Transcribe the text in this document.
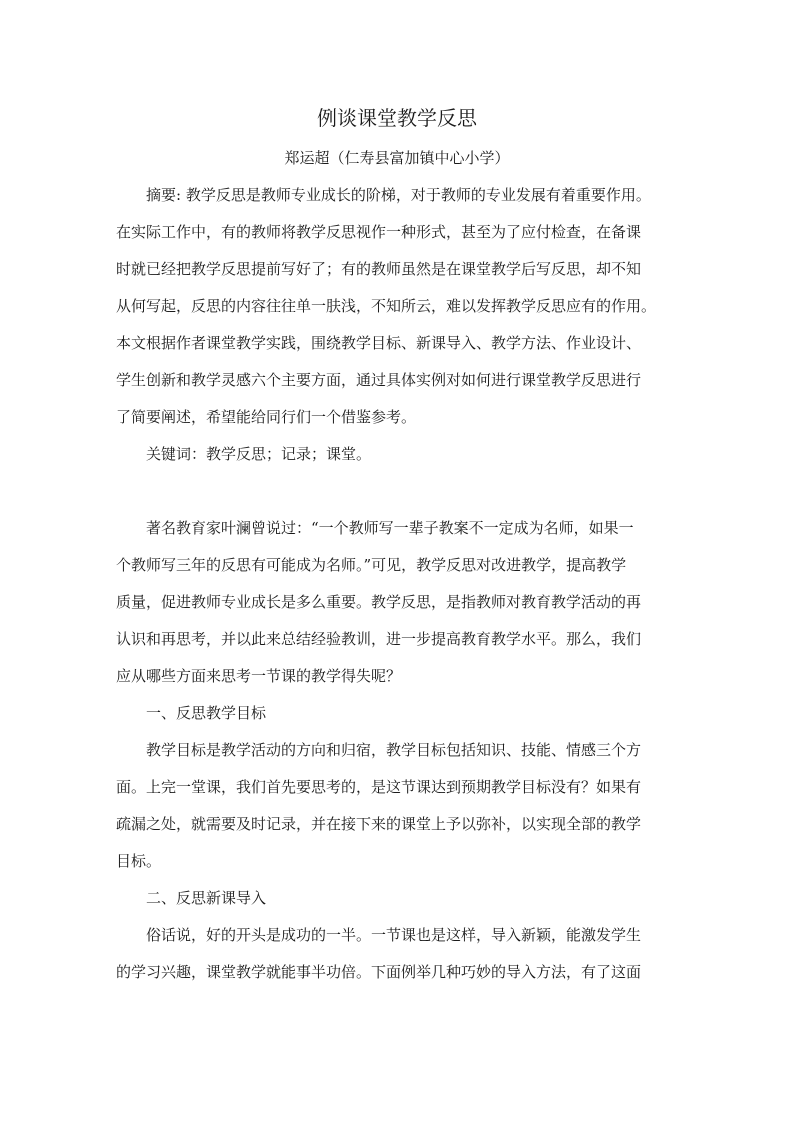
例谈课堂教学反思

郑运超（仁寿县富加镇中心小学）

摘要: 教学反思是教师专业成长的阶梯，对于教师的专业发展有着重要作用。

在实际工作中，有的教师将教学反思视作一种形式，甚至为了应付检查，在备课

时就已经把教学反思提前写好了；有的教师虽然是在课堂教学后写反思，却不知

从何写起，反思的内容往往单一肤浅，不知所云，难以发挥教学反思应有的作用。

本文根据作者课堂教学实践，围绕教学目标、新课导入、教学方法、作业设计、

学生创新和教学灵感六个主要方面，通过具体实例对如何进行课堂教学反思进行

了简要阐述，希望能给同行们一个借鉴参考。

关键词：教学反思；记录；课堂。

著名教育家叶澜曾说过：“一个教师写一辈子教案不一定成为名师，如果一

个教师写三年的反思有可能成为名师。”可见，教学反思对改进教学，提高教学

质量，促进教师专业成长是多么重要。教学反思，是指教师对教育教学活动的再

认识和再思考，并以此来总结经验教训，进一步提高教育教学水平。那么，我们

应从哪些方面来思考一节课的教学得失呢？

一、反思教学目标

教学目标是教学活动的方向和归宿，教学目标包括知识、技能、情感三个方

面。上完一堂课，我们首先要思考的，是这节课达到预期教学目标没有？如果有

疏漏之处，就需要及时记录，并在接下来的课堂上予以弥补，以实现全部的教学

目标。

二、反思新课导入

俗话说，好的开头是成功的一半。一节课也是这样，导入新颖，能激发学生

的学习兴趣，课堂教学就能事半功倍。下面例举几种巧妙的导入方法，有了这面
